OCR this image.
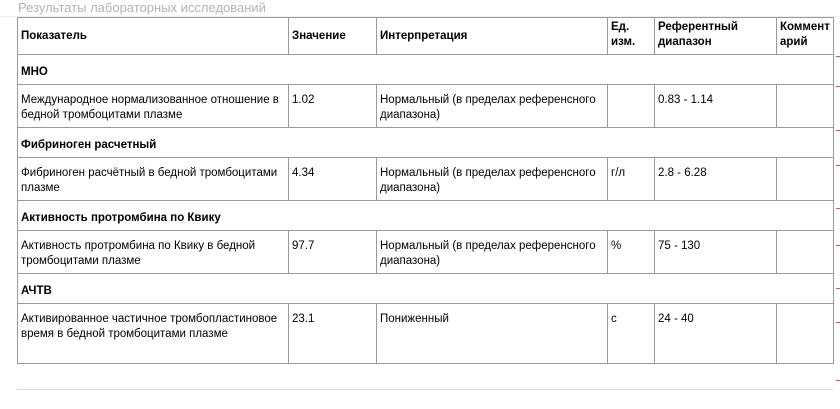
Результаты лабораторных исследований
Показатель	Значение	Интерпретация	Ед. изм.	Референтный диапазон	Комментарий
МНО					
Международное нормализованное отношение в бедной тромбоцитами плазме	1.02	Нормальный (в пределах референсного диапазона)		0.83 - 1.14	
Фибриноген расчетный					
Фибриноген расчётный в бедной тромбоцитами плазме	4.34	Нормальный (в пределах референсного диапазона)	г/л	2.8 - 6.28	
Активность протромбина по Квику					
Активность протромбина по Квику в бедной тромбоцитами плазме	97.7	Нормальный (в пределах референсного диапазона)	%	75 - 130	
АЧТВ					
Активированное частичное тромбопластиновое время в бедной тромбоцитами плазме	23.1	Пониженный	с	24 - 40	
